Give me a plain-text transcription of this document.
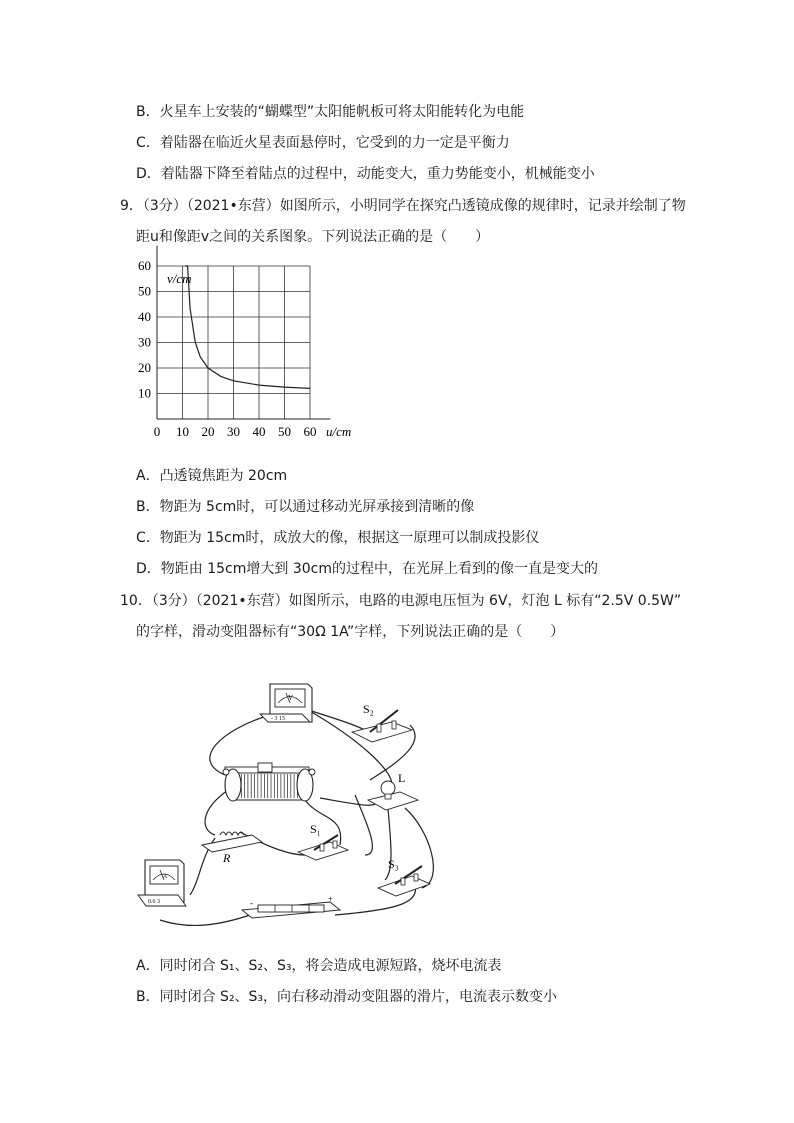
B．火星车上安装的“蝴蝶型”太阳能帆板可将太阳能转化为电能
C．着陆器在临近火星表面悬停时，它受到的力一定是平衡力
D．着陆器下降至着陆点的过程中，动能变大，重力势能变小，机械能变小
9．（3分）（2021•东营）如图所示，小明同学在探究凸透镜成像的规律时，记录并绘制了物
距u和像距v之间的关系图象。下列说法正确的是（　　）
0 10 20 30 40 50 60
10
20
30
40
50
60
v/cm
u/cm
A．凸透镜焦距为 20cm
B．物距为 5cm时，可以通过移动光屏承接到清晰的像
C．物距为 15cm时，成放大的像，根据这一原理可以制成投影仪
D．物距由 15cm增大到 30cm的过程中，在光屏上看到的像一直是变大的
10．（3分）（2021•东营）如图所示，电路的电源电压恒为 6V，灯泡 L 标有“2.5V 0.5W”
的字样，滑动变阻器标有“30Ω 1A”字样，下列说法正确的是（　　）
V
- 3 15
R
S₂
L
S₁
S₃
A
0.6 3	-	+
A．同时闭合 S₁、S₂、S₃，将会造成电源短路，烧坏电流表
B．同时闭合 S₂、S₃，向右移动滑动变阻器的滑片，电流表示数变小
